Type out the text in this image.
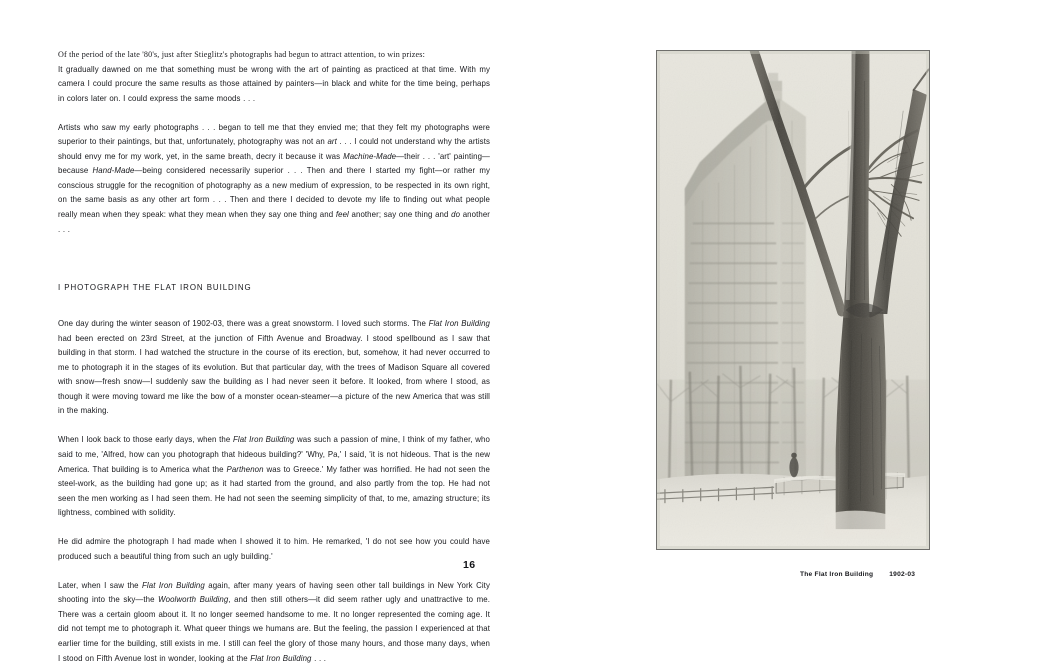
Of the period of the late '80's, just after Stieglitz's photographs had begun to attract attention, to win prizes:

It gradually dawned on me that something must be wrong with the art of painting as practiced at that time. With my camera I could procure the same results as those attained by painters—in black and white for the time being, perhaps in colors later on. I could express the same moods . . .

Artists who saw my early photographs . . . began to tell me that they envied me; that they felt my photographs were superior to their paintings, but that, unfortunately, photography was not an art . . . I could not understand why the artists should envy me for my work, yet, in the same breath, decry it because it was Machine-Made—their . . . 'art' painting—because Hand-Made—being considered necessarily superior . . . Then and there I started my fight—or rather my conscious struggle for the recognition of photography as a new medium of expression, to be respected in its own right, on the same basis as any other art form . . . Then and there I decided to devote my life to finding out what people really mean when they speak: what they mean when they say one thing and feel another; say one thing and do another . . .

I PHOTOGRAPH THE FLAT IRON BUILDING

One day during the winter season of 1902-03, there was a great snowstorm. I loved such storms. The Flat Iron Building had been erected on 23rd Street, at the junction of Fifth Avenue and Broadway. I stood spellbound as I saw that building in that storm. I had watched the structure in the course of its erection, but, somehow, it had never occurred to me to photograph it in the stages of its evolution. But that particular day, with the trees of Madison Square all covered with snow—fresh snow—I suddenly saw the building as I had never seen it before. It looked, from where I stood, as though it were moving toward me like the bow of a monster ocean-steamer—a picture of the new America that was still in the making.

When I look back to those early days, when the Flat Iron Building was such a passion of mine, I think of my father, who said to me, 'Alfred, how can you photograph that hideous building?' 'Why, Pa,' I said, 'it is not hideous. That is the new America. That building is to America what the Parthenon was to Greece.' My father was horrified. He had not seen the steel-work, as the building had gone up; as it had started from the ground, and also partly from the top. He had not seen the men working as I had seen them. He had not seen the seeming simplicity of that, to me, amazing structure; its lightness, combined with solidity.

He did admire the photograph I had made when I showed it to him. He remarked, 'I do not see how you could have produced such a beautiful thing from such an ugly building.'

Later, when I saw the Flat Iron Building again, after many years of having seen other tall buildings in New York City shooting into the sky—the Woolworth Building, and then still others—it did seem rather ugly and unattractive to me. There was a certain gloom about it. It no longer seemed handsome to me. It no longer represented the coming age. It did not tempt me to photograph it. What queer things we humans are. But the feeling, the passion I experienced at that earlier time for the building, still exists in me. I still can feel the glory of those many hours, and those many days, when I stood on Fifth Avenue lost in wonder, looking at the Flat Iron Building . . .

16
The Flat Iron Building 1902-03
